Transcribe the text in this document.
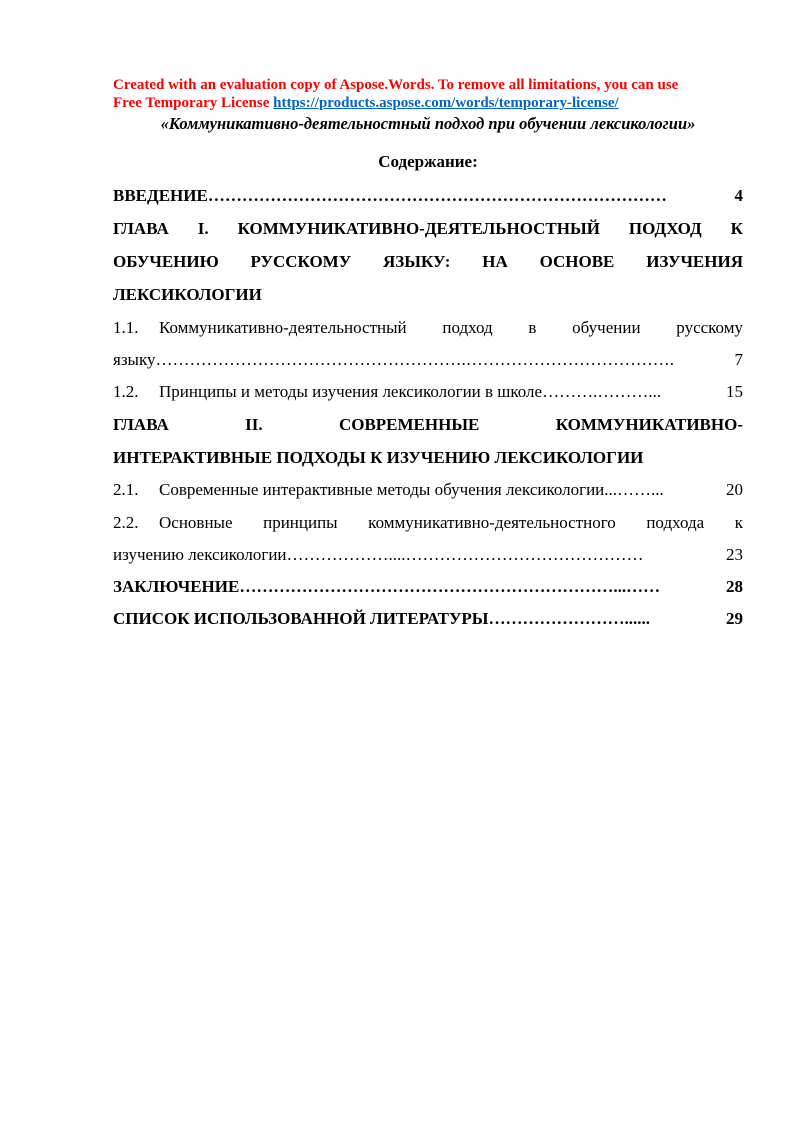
Created with an evaluation copy of Aspose.Words. To remove all limitations, you can use
Free Temporary License https://products.aspose.com/words/temporary-license/
«Коммуникативно-деятельностный подход при обучении лексикологии»
Содержание:
ВВЕДЕНИЕ ………………………………………………………………………	4
ГЛАВА I. КОММУНИКАТИВНО-ДЕЯТЕЛЬНОСТНЫЙ ПОДХОД К
ОБУЧЕНИЮ РУССКОМУ ЯЗЫКУ: НА ОСНОВЕ ИЗУЧЕНИЯ
ЛЕКСИКОЛОГИИ
1.1.	Коммуникативно-деятельностный подход в обучении русскому
языку ……………………………………………….……………………………….	7
1.2.	Принципы и методы изучения лексикологии в школе ……….………...	15
ГЛАВА II. СОВРЕМЕННЫЕ КОММУНИКАТИВНО-
ИНТЕРАКТИВНЫЕ ПОДХОДЫ К ИЗУЧЕНИЮ ЛЕКСИКОЛОГИИ
2.1.	Современные интерактивные методы обучения лексикологии ...……...	20
2.2.	Основные принципы коммуникативно-деятельностного подхода к
изучению лексикологии ………………....……………………………………	23
ЗАКЛЮЧЕНИЕ …………………………………………………………...……	28
СПИСОК ИСПОЛЬЗОВАННОЙ ЛИТЕРАТУРЫ ……………………......	29
